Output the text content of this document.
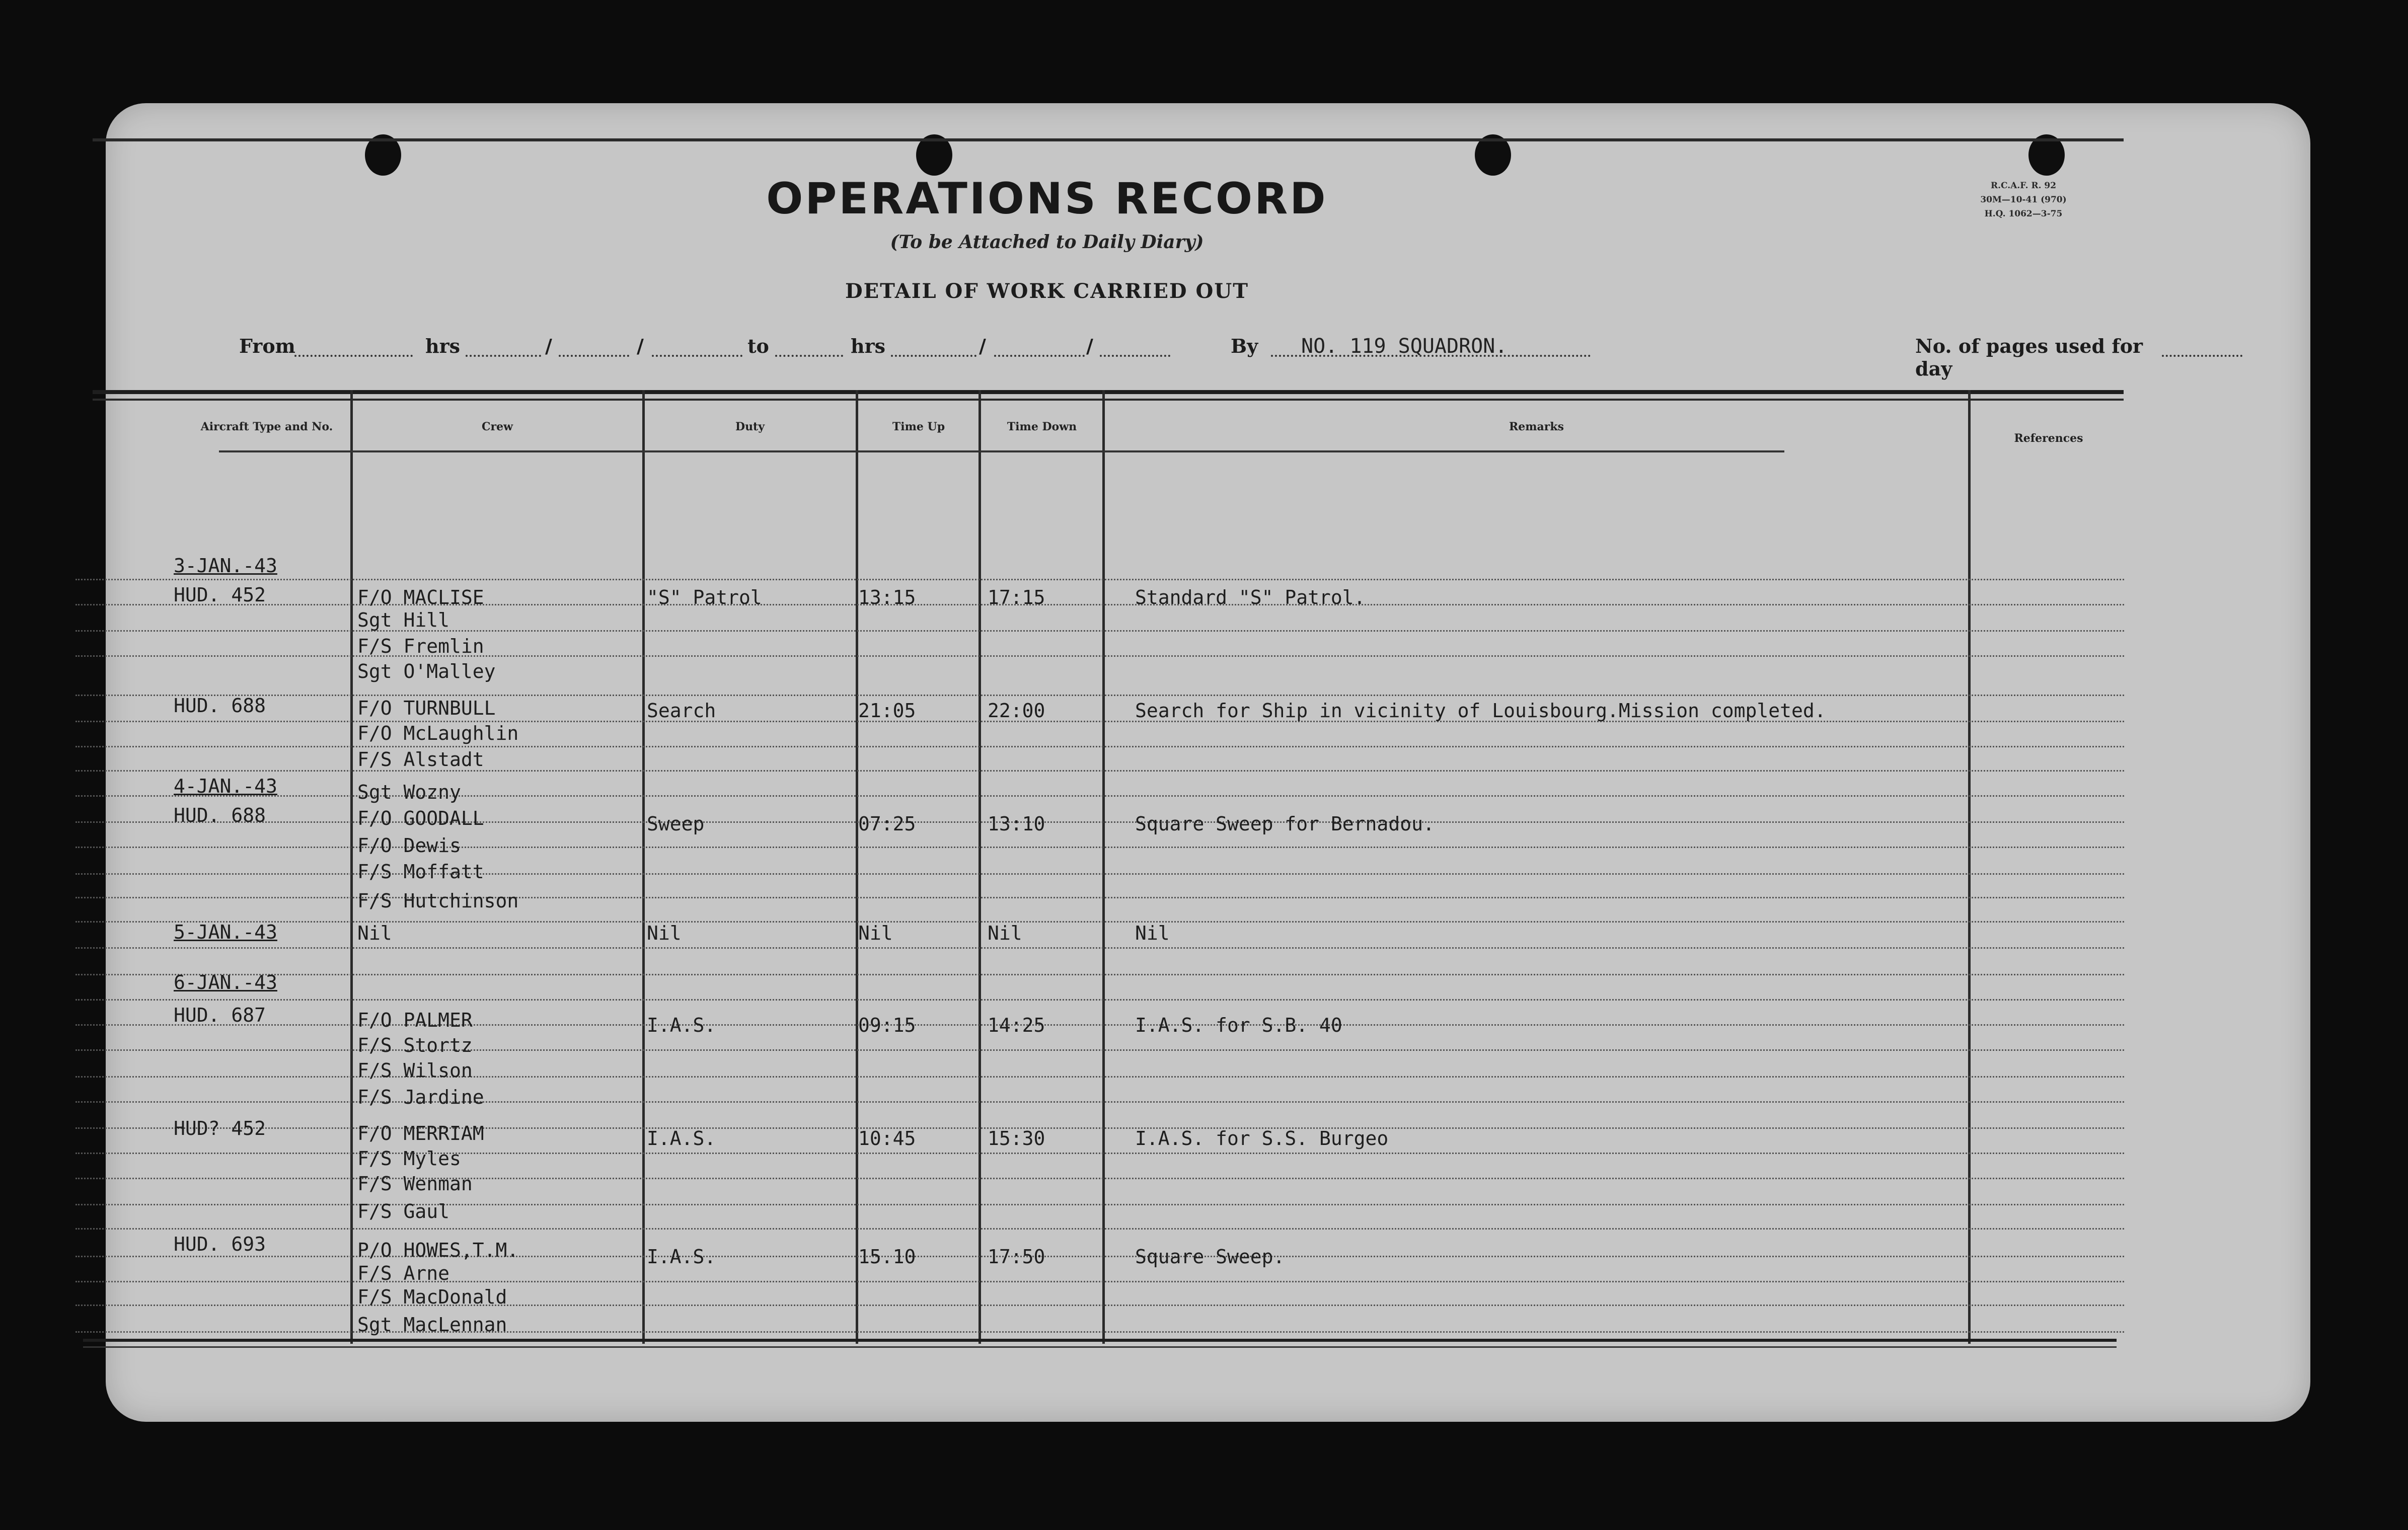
OPERATIONS RECORD
(To be Attached to Daily Diary)
DETAIL OF WORK CARRIED OUT
R.C.A.F. R. 92
30M—10-41 (970)
H.Q. 1062—3-75
From	hrs	/	/	to	hrs	/	/	By NO. 119 SQUADRON.	No. of pages used for day
Aircraft Type and No.	Crew	Duty	Time Up	Time Down	Remarks
References
3-JAN.-43
HUD. 452	F/O MACLISE	"S" Patrol	13:15	17:15	Standard "S" Patrol.
Sgt Hill
F/S Fremlin
Sgt O'Malley
HUD. 688	F/O TURNBULL	Search	21:05	22:00	Search for Ship in vicinity of Louisbourg.Mission completed.
F/O McLaughlin
F/S Alstadt
4-JAN.-43	Sgt Wozny
HUD. 688	F/O GOODALL	Sweep	07:25	13:10	Square Sweep for Bernadou.
F/O Dewis
F/S Moffatt
F/S Hutchinson
5-JAN.-43	Nil	Nil	Nil	Nil	Nil
6-JAN.-43
HUD. 687	F/O PALMER	I.A.S.	09:15	14:25	I.A.S. for S.B. 40
F/S Stortz
F/S Wilson
F/S Jardine
HUD? 452	F/O MERRIAM	I.A.S.	10:45	15:30	I.A.S. for S.S. Burgeo
F/S Myles
F/S Wenman
F/S Gaul
HUD. 693	P/O HOWES,T.M.	I.A.S.	15.10	17:50	Square Sweep.
F/S Arne
F/S MacDonald
Sgt MacLennan
